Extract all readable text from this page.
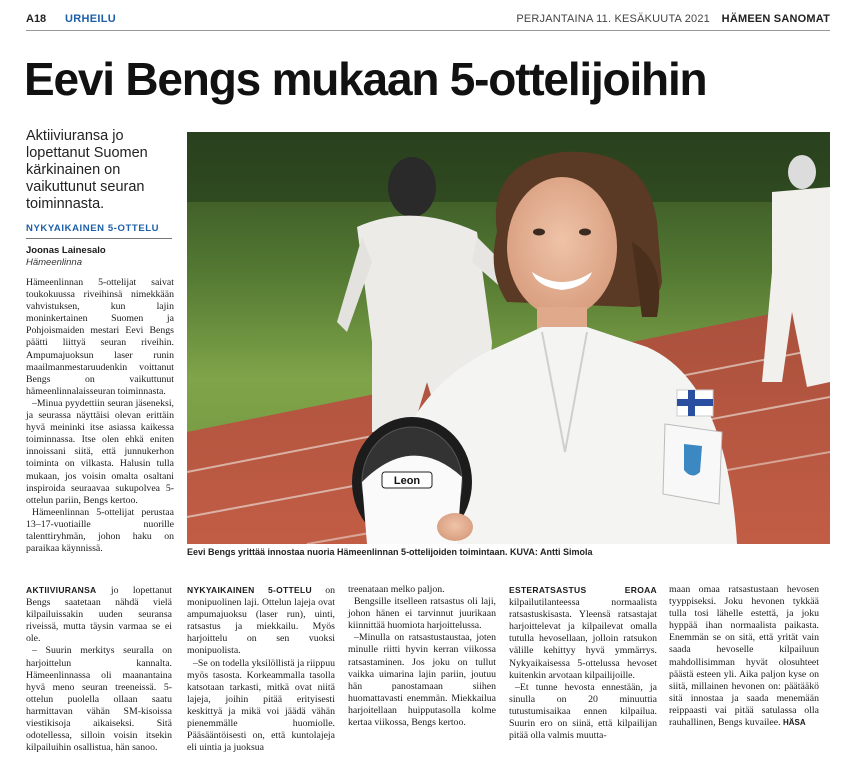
A18 URHEILU	PERJANTAINA 11. KESÄKUUTA 2021 HÄMEEN SANOMAT
Eevi Bengs mukaan 5-ottelijoihin

Aktiiviuransa jo lopettanut Suomen kärkinainen on vaikuttunut seuran toiminnasta.

NYKYAIKAINEN 5-OTTELU
Joonas Lainesalo
Hämeenlinna

Hämeenlinnan 5-ottelijat saivat toukokuussa riveihinsä nimekkään vahvistuksen, kun lajin moninkertainen Suomen ja Pohjoismaiden mestari Eevi Bengs päätti liittyä seuran riveihin. Ampumajuoksun laser runin maailmanmestaruudenkin voittanut Bengs on vaikuttunut hämeenlinnalaisseuran toiminnasta.

–Minua pyydettiin seuran jäseneksi, ja seurassa näyttäisi olevan erittäin hyvä meininki itse asiassa kaikessa toiminnassa. Itse olen ehkä eniten innoissani siitä, että junnukerhon toiminta on vilkasta. Halusin tulla mukaan, jos voisin omalta osaltani inspiroida seuraavaa sukupolvea 5-ottelun pariin, Bengs kertoo.

Hämeenlinnan 5-ottelijat perustaa 13–17-vuotiaille nuorille talenttiryhmän, johon haku on paraikaa käynnissä.

Leon
Eevi Bengs yrittää innostaa nuoria Hämeenlinnan 5-ottelijoiden toimintaan. KUVA: Antti Simola

AKTIIVIURANSA jo lopettanut Bengs saatetaan nähdä vielä kilpailuissakin uuden seuransa riveissä, mutta täysin varmaa se ei ole.

– Suurin merkitys seuralla on harjoittelun kannalta. Hämeenlinnassa oli maanantaina hyvä meno seuran treeneissä. 5-ottelun puolella ollaan saatu harmittavan vähän SM-kisoissa viestikisoja aikaiseksi. Sitä odotellessa, silloin voisin itsekin kilpailuihin osallistua, hän sanoo.

NYKYAIKAINEN 5-OTTELU on monipuolinen laji. Ottelun lajeja ovat ampumajuoksu (laser run), uinti, ratsastus ja miekkailu. Myös harjoittelu on sen vuoksi monipuolista.

–Se on todella yksilöllistä ja riippuu myös tasosta. Korkeammalla tasolla katsotaan tarkasti, mitkä ovat niitä lajeja, joihin pitää erityisesti keskittyä ja mikä voi jäädä vähän pienemmälle huomiolle. Pääsääntöisesti on, että kuntolajeja eli uintia ja juoksua

treenataan melko paljon.

Bengsille itselleen ratsastus oli laji, johon hänen ei tarvinnut juurikaan kiinnittää huomiota harjoittelussa.

–Minulla on ratsastustaustaa, joten minulle riitti hyvin kerran viikossa ratsastaminen. Jos joku on tullut vaikka uimarina lajin pariin, joutuu hän panostamaan siihen huomattavasti enemmän. Miekkailua harjoitellaan huipputasolla kolme kertaa viikossa, Bengs kertoo.

ESTERATSASTUS EROAA kilpailutilanteessa normaalista ratsastuskisasta. Yleensä ratsastajat harjoittelevat ja kilpailevat omalla tutulla hevosellaan, jolloin ratsukon välille kehittyy hyvä ymmärrys. Nykyaikaisessa 5-ottelussa hevoset kuitenkin arvotaan kilpailijoille.

–Et tunne hevosta ennestään, ja sinulla on 20 minuuttia tutustumisaikaa ennen kilpailua. Suurin ero on siinä, että kilpailijan pitää olla valmis muutta-

maan omaa ratsastustaan hevosen tyyppiseksi. Joku hevonen tykkää tulla tosi lähelle estettä, ja joku hyppää ihan normaalista paikasta. Enemmän se on sitä, että yrität vain saada hevoselle kilpailuun mahdollisimman hyvät olosuhteet päästä esteen yli. Aika paljon kyse on siitä, millainen hevonen on: päätääkö sitä innostaa ja saada menemään reippaasti vai pitää satulassa olla rauhallinen, Bengs kuvailee. HÄSA
